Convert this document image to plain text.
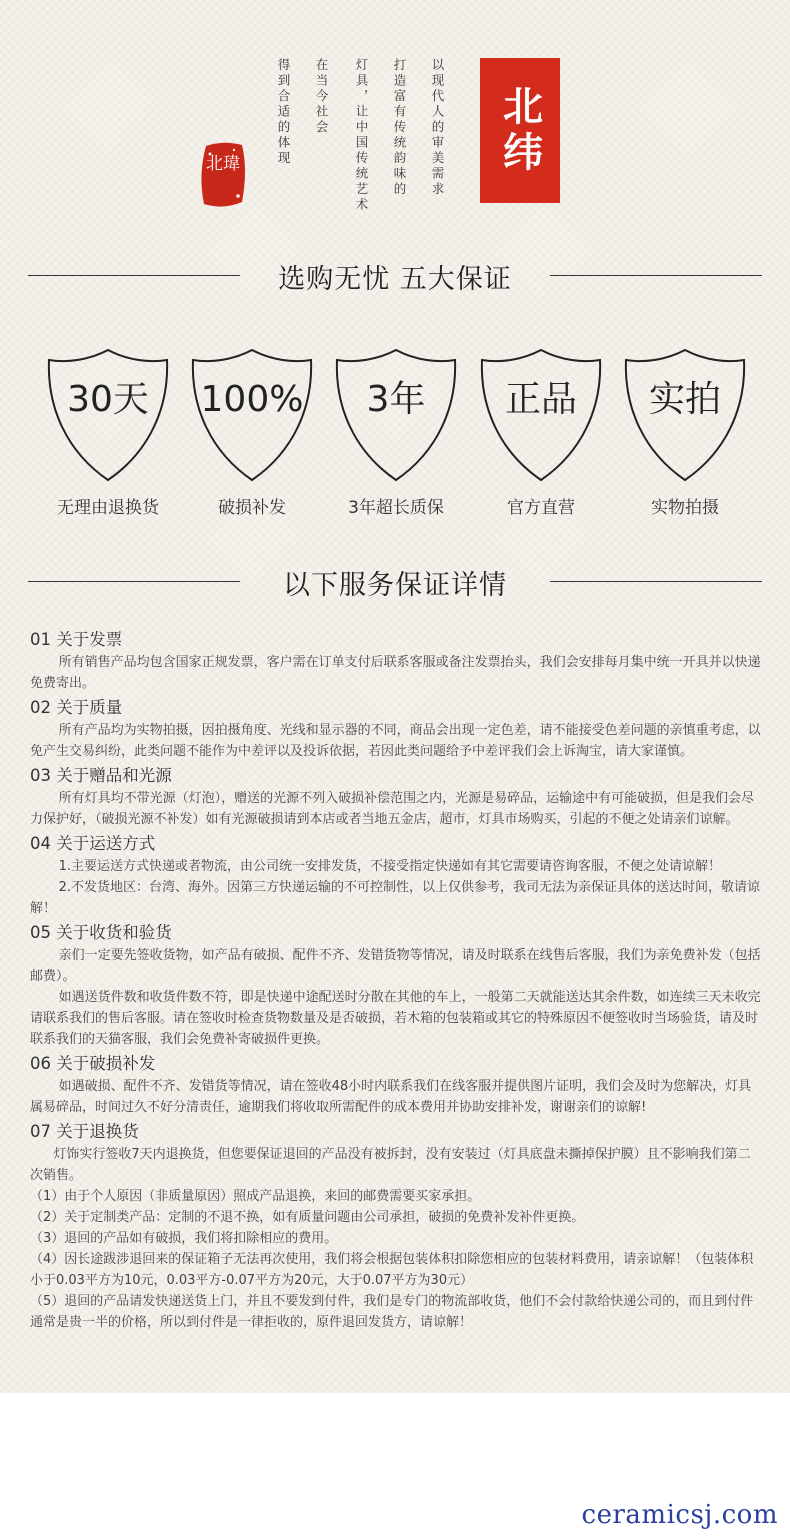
北纬
以现代人的审美需求
打造富有传统韵味的
灯具，让中国传统艺术
在当今社会
得到合适的体现
北瑋
选购无忧 五大保证
30天
无理由退换货
100%
破损补发
3年
3年超长质保
正品
官方直营
实拍
实物拍摄
以下服务保证详情
01 关于发票

所有销售产品均包含国家正规发票，客户需在订单支付后联系客服或备注发票抬头，我们会安排每月集中统一开具并以快递免费寄出。

02 关于质量

所有产品均为实物拍摄，因拍摄角度、光线和显示器的不同，商品会出现一定色差，请不能接受色差问题的亲慎重考虑，以免产生交易纠纷，此类问题不能作为中差评以及投诉依据，若因此类问题给予中差评我们会上诉淘宝，请大家谨慎。

03 关于赠品和光源

所有灯具均不带光源（灯泡），赠送的光源不列入破损补偿范围之内，光源是易碎品，运输途中有可能破损，但是我们会尽力保护好，（破损光源不补发）如有光源破损请到本店或者当地五金店，超市，灯具市场购买，引起的不便之处请亲们谅解。

04 关于运送方式

1.主要运送方式快递或者物流，由公司统一安排发货，不接受指定快递如有其它需要请咨询客服，不便之处请谅解！

2.不发货地区：台湾、海外。因第三方快递运输的不可控制性，以上仅供参考，我司无法为亲保证具体的送达时间，敬请谅解！

05 关于收货和验货

亲们一定要先签收货物，如产品有破损、配件不齐、发错货物等情况，请及时联系在线售后客服，我们为亲免费补发（包括邮费）。

如遇送货件数和收货件数不符，即是快递中途配送时分散在其他的车上，一般第二天就能送达其余件数，如连续三天未收完请联系我们的售后客服。请在签收时检查货物数量及是否破损，若木箱的包装箱或其它的特殊原因不便签收时当场验货，请及时联系我们的天猫客服，我们会免费补寄破损件更换。

06 关于破损补发

如遇破损、配件不齐、发错货等情况，请在签收48小时内联系我们在线客服并提供图片证明，我们会及时为您解决，灯具属易碎品，时间过久不好分清责任，逾期我们将收取所需配件的成本费用并协助安排补发，谢谢亲们的谅解!

07 关于退换货

灯饰实行签收7天内退换货，但您要保证退回的产品没有被拆封，没有安装过（灯具底盘未撕掉保护膜）且不影响我们第二次销售。

（1）由于个人原因（非质量原因）照成产品退换，来回的邮费需要买家承担。

（2）关于定制类产品：定制的不退不换，如有质量问题由公司承担，破损的免费补发补件更换。

（3）退回的产品如有破损，我们将扣除相应的费用。

（4）因长途跋涉退回来的保证箱子无法再次使用，我们将会根据包装体积扣除您相应的包装材料费用，请亲谅解！（包装体积小于0.03平方为10元，0.03平方-0.07平方为20元，大于0.07平方为30元）

（5）退回的产品请发快递送货上门，并且不要发到付件，我们是专门的物流部收货，他们不会付款给快递公司的，而且到付件通常是贵一半的价格，所以到付件是一律拒收的，原件退回发货方，请谅解！

ceramicsj.com
